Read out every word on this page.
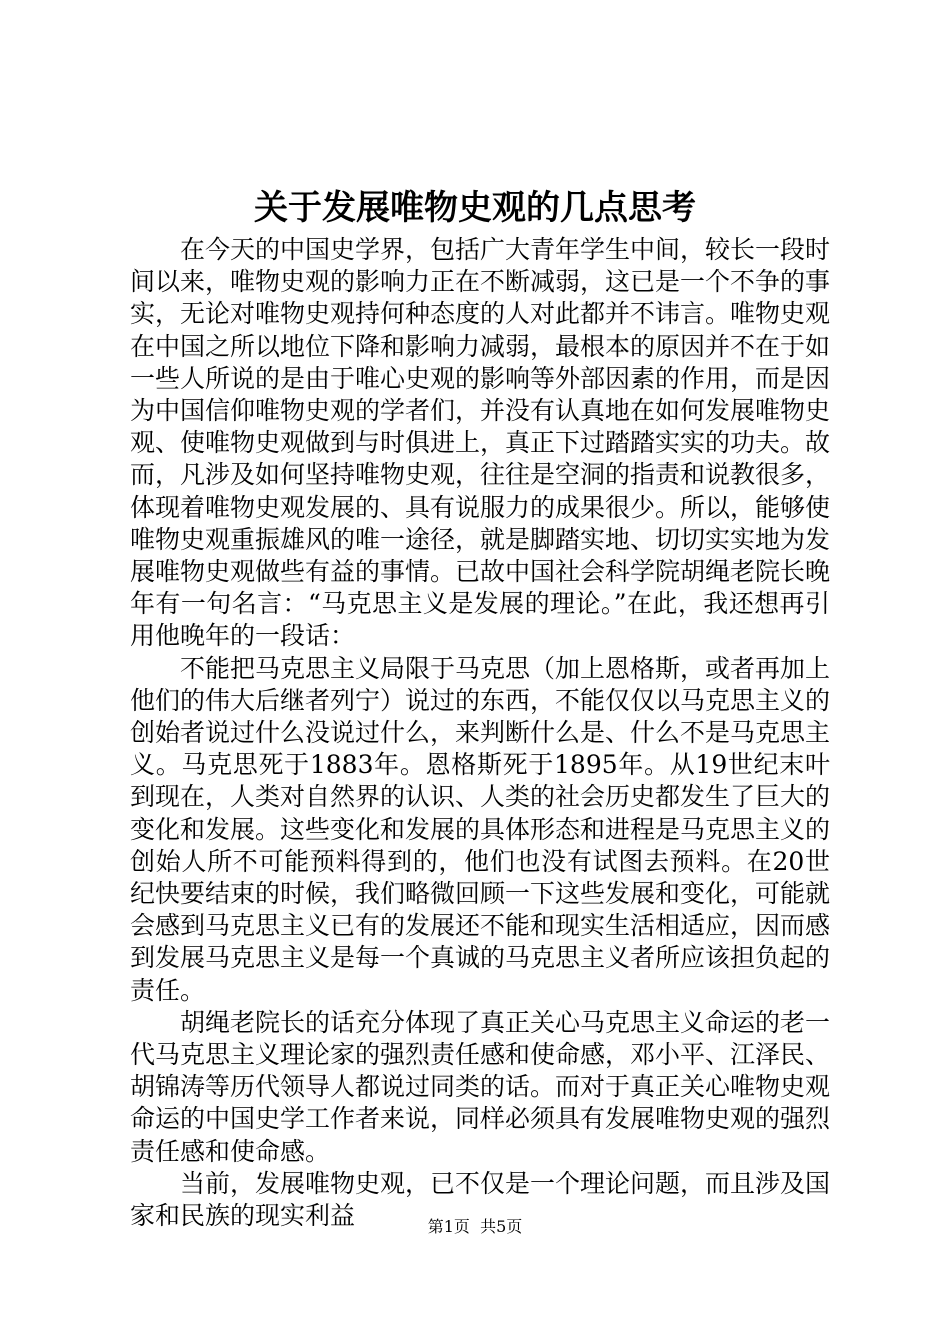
关于发展唯物史观的几点思考

在今天的中国史学界，包括广大青年学生中间，较长一段时间以来，唯物史观的影响力正在不断减弱，这已是一个不争的事实，无论对唯物史观持何种态度的人对此都并不讳言。唯物史观在中国之所以地位下降和影响力减弱，最根本的原因并不在于如一些人所说的是由于唯心史观的影响等外部因素的作用，而是因为中国信仰唯物史观的学者们，并没有认真地在如何发展唯物史观、使唯物史观做到与时俱进上，真正下过踏踏实实的功夫。故而，凡涉及如何坚持唯物史观，往往是空洞的指责和说教很多，体现着唯物史观发展的、具有说服力的成果很少。所以，能够使唯物史观重振雄风的唯一途径，就是脚踏实地、切切实实地为发展唯物史观做些有益的事情。已故中国社会科学院胡绳老院长晚年有一句名言：“马克思主义是发展的理论。”在此，我还想再引用他晚年的一段话：

不能把马克思主义局限于马克思（加上恩格斯，或者再加上他们的伟大后继者列宁）说过的东西，不能仅仅以马克思主义的创始者说过什么没说过什么，来判断什么是、什么不是马克思主义。马克思死于1883年。恩格斯死于1895年。从19世纪末叶到现在，人类对自然界的认识、人类的社会历史都发生了巨大的变化和发展。这些变化和发展的具体形态和进程是马克思主义的创始人所不可能预料得到的，他们也没有试图去预料。在20世纪快要结束的时候，我们略微回顾一下这些发展和变化，可能就会感到马克思主义已有的发展还不能和现实生活相适应，因而感到发展马克思主义是每一个真诚的马克思主义者所应该担负起的责任。

胡绳老院长的话充分体现了真正关心马克思主义命运的老一代马克思主义理论家的强烈责任感和使命感，邓小平、江泽民、胡锦涛等历代领导人都说过同类的话。而对于真正关心唯物史观命运的中国史学工作者来说，同样必须具有发展唯物史观的强烈责任感和使命感。

当前，发展唯物史观，已不仅是一个理论问题，而且涉及国家和民族的现实利益	第1页  共5页
